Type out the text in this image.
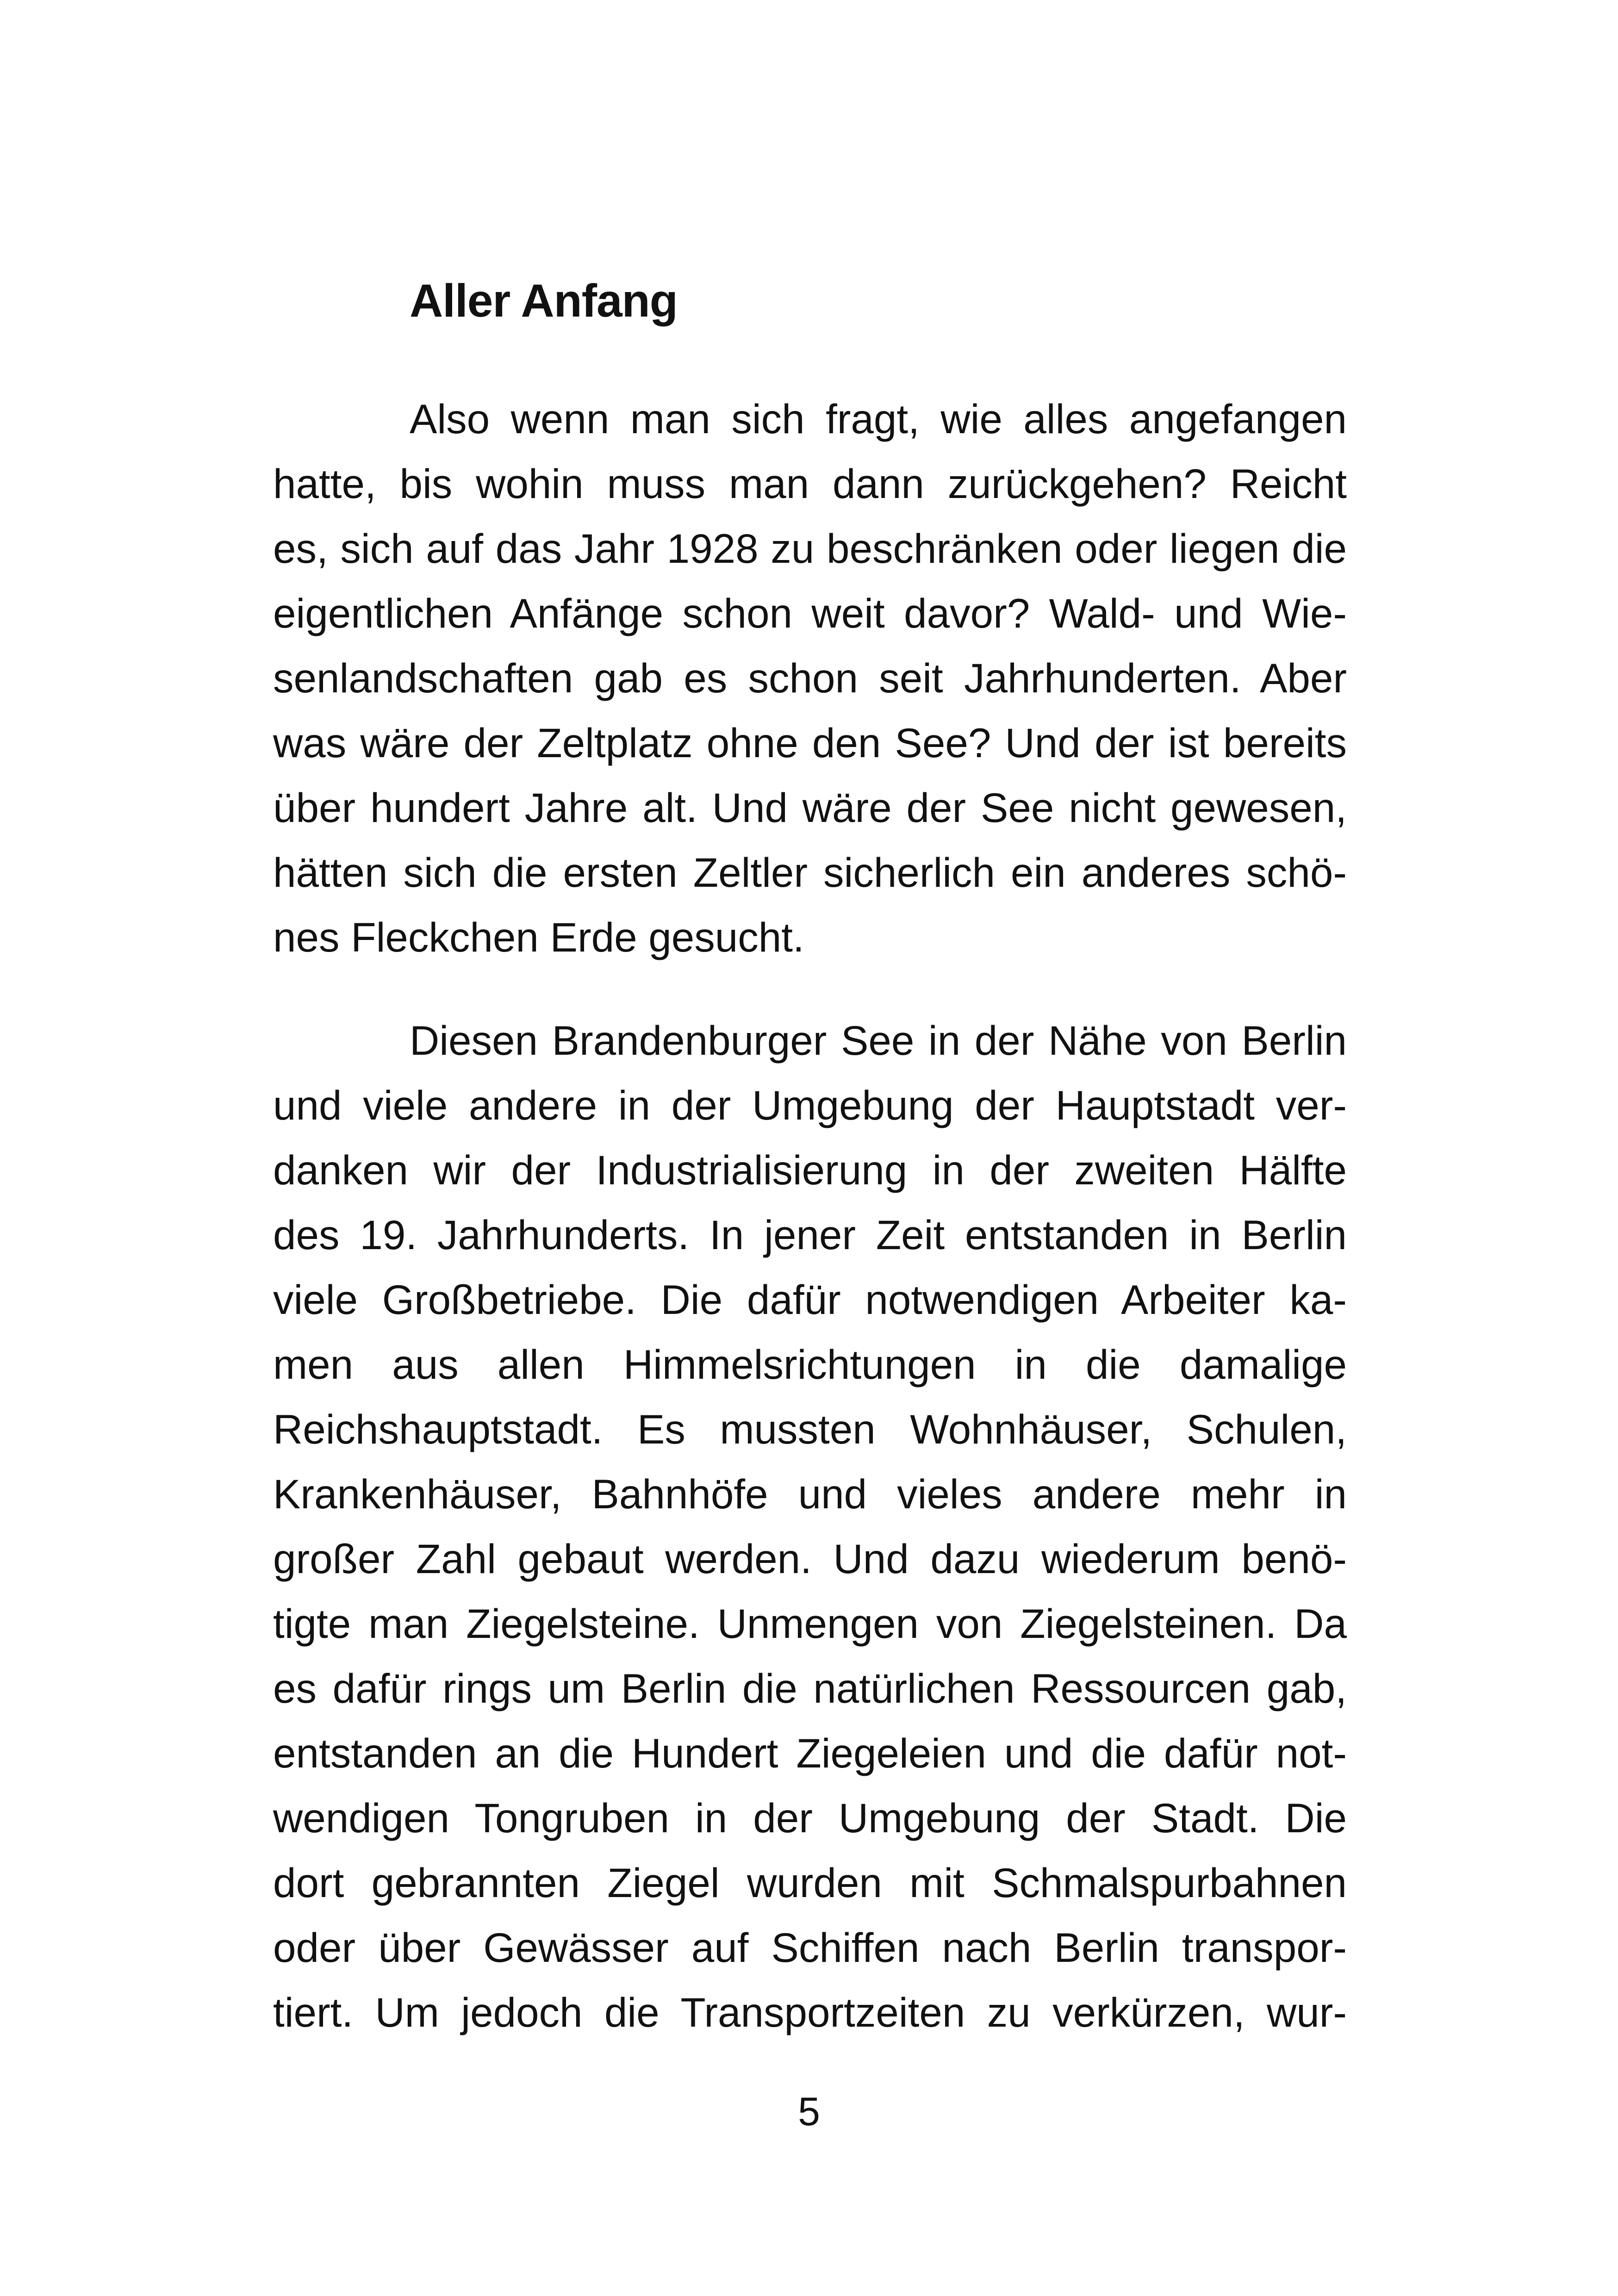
Aller Anfang
Also wenn man sich fragt, wie alles angefangen
hatte, bis wohin muss man dann zurückgehen? Reicht
es, sich auf das Jahr 1928 zu beschränken oder liegen die
eigentlichen Anfänge schon weit davor? Wald- und Wie-
senlandschaften gab es schon seit Jahrhunderten. Aber
was wäre der Zeltplatz ohne den See? Und der ist bereits
über hundert Jahre alt. Und wäre der See nicht gewesen,
hätten sich die ersten Zeltler sicherlich ein anderes schö-
nes Fleckchen Erde gesucht.
Diesen Brandenburger See in der Nähe von Berlin
und viele andere in der Umgebung der Hauptstadt ver-
danken wir der Industrialisierung in der zweiten Hälfte
des 19. Jahrhunderts. In jener Zeit entstanden in Berlin
viele Großbetriebe. Die dafür notwendigen Arbeiter ka-
men aus allen Himmelsrichtungen in die damalige
Reichshauptstadt. Es mussten Wohnhäuser, Schulen,
Krankenhäuser, Bahnhöfe und vieles andere mehr in
großer Zahl gebaut werden. Und dazu wiederum benö-
tigte man Ziegelsteine. Unmengen von Ziegelsteinen. Da
es dafür rings um Berlin die natürlichen Ressourcen gab,
entstanden an die Hundert Ziegeleien und die dafür not-
wendigen Tongruben in der Umgebung der Stadt. Die
dort gebrannten Ziegel wurden mit Schmalspurbahnen
oder über Gewässer auf Schiffen nach Berlin transpor-
tiert. Um jedoch die Transportzeiten zu verkürzen, wur-
5
